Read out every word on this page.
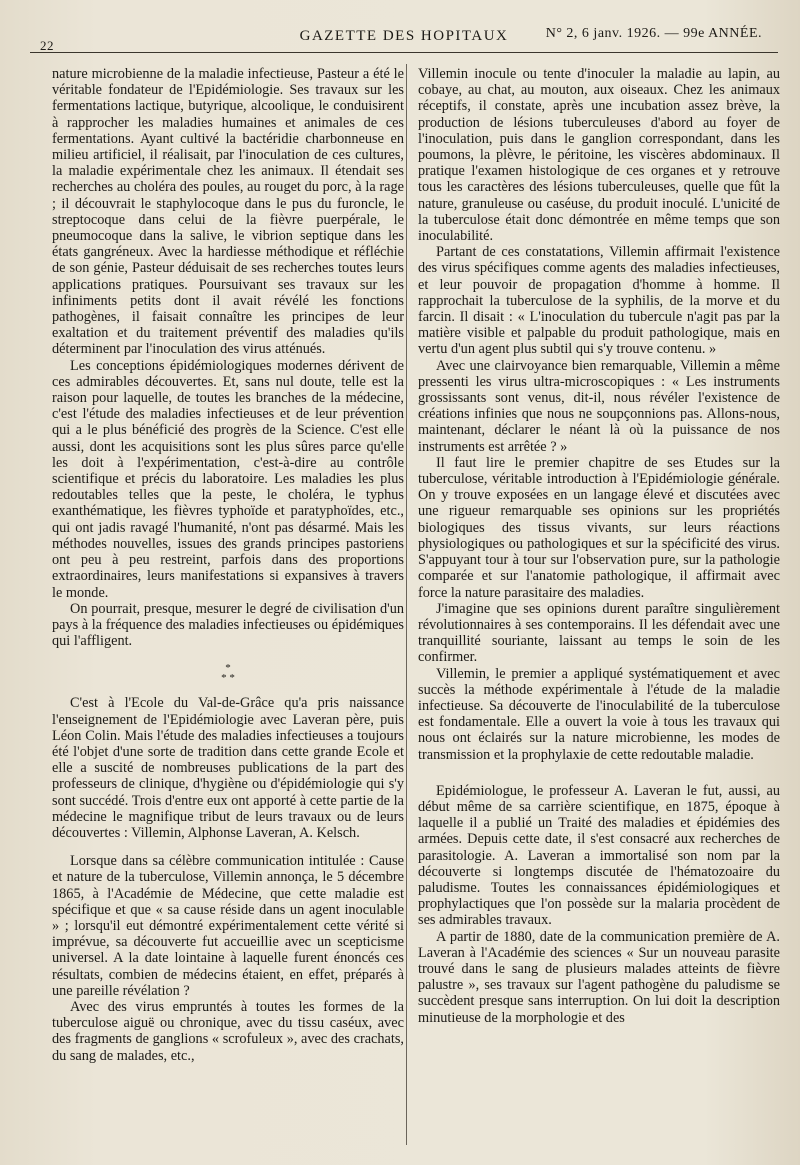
22
GAZETTE DES HOPITAUX	N° 2, 6 janv. 1926. — 99e ANNÉE.

nature microbienne de la maladie infectieuse, Pasteur a été le véritable fondateur de l'Epidémiologie. Ses travaux sur les fermentations lactique, butyrique, alcoolique, le conduisirent à rapprocher les maladies humaines et animales de ces fermentations. Ayant cultivé la bactéridie charbonneuse en milieu artificiel, il réalisait, par l'inoculation de ces cultures, la maladie expérimentale chez les animaux. Il étendait ses recherches au choléra des poules, au rouget du porc, à la rage ; il découvrait le staphylocoque dans le pus du furoncle, le streptocoque dans celui de la fièvre puerpérale, le pneumocoque dans la salive, le vibrion septique dans les états gangréneux. Avec la hardiesse méthodique et réfléchie de son génie, Pasteur déduisait de ses recherches toutes leurs applications pratiques. Poursuivant ses travaux sur les infiniments petits dont il avait révélé les fonctions pathogènes, il faisait connaître les principes de leur exaltation et du traitement préventif des maladies qu'ils déterminent par l'inoculation des virus atténués.

Les conceptions épidémiologiques modernes dérivent de ces admirables découvertes. Et, sans nul doute, telle est la raison pour laquelle, de toutes les branches de la médecine, c'est l'étude des maladies infectieuses et de leur prévention qui a le plus bénéficié des progrès de la Science. C'est elle aussi, dont les acquisitions sont les plus sûres parce qu'elle les doit à l'expérimentation, c'est-à-dire au contrôle scientifique et précis du laboratoire. Les maladies les plus redoutables telles que la peste, le choléra, le typhus exanthématique, les fièvres typhoïde et paratyphoïdes, etc., qui ont jadis ravagé l'humanité, n'ont pas désarmé. Mais les méthodes nouvelles, issues des grands principes pastoriens ont peu à peu restreint, parfois dans des proportions extraordinaires, leurs manifestations si expansives à travers le monde.

On pourrait, presque, mesurer le degré de civilisation d'un pays à la fréquence des maladies infectieuses ou épidémiques qui l'affligent.

*
* *

C'est à l'Ecole du Val-de-Grâce qu'a pris naissance l'enseignement de l'Epidémiologie avec Laveran père, puis Léon Colin. Mais l'étude des maladies infectieuses a toujours été l'objet d'une sorte de tradition dans cette grande Ecole et elle a suscité de nombreuses publications de la part des professeurs de clinique, d'hygiène ou d'épidémiologie qui s'y sont succédé. Trois d'entre eux ont apporté à cette partie de la médecine le magnifique tribut de leurs travaux ou de leurs découvertes : Villemin, Alphonse Laveran, A. Kelsch.

Lorsque dans sa célèbre communication intitulée : Cause et nature de la tuberculose, Villemin annonça, le 5 décembre 1865, à l'Académie de Médecine, que cette maladie est spécifique et que « sa cause réside dans un agent inoculable » ; lorsqu'il eut démontré expérimentalement cette vérité si imprévue, sa découverte fut accueillie avec un scepticisme universel. A la date lointaine à laquelle furent énoncés ces résultats, combien de médecins étaient, en effet, préparés à une pareille révélation ?

Avec des virus empruntés à toutes les formes de la tuberculose aiguë ou chronique, avec du tissu caséux, avec des fragments de ganglions « scrofuleux », avec des crachats, du sang de malades, etc.,

Villemin inocule ou tente d'inoculer la maladie au lapin, au cobaye, au chat, au mouton, aux oiseaux. Chez les animaux réceptifs, il constate, après une incubation assez brève, la production de lésions tuberculeuses d'abord au foyer de l'inoculation, puis dans le ganglion correspondant, dans les poumons, la plèvre, le péritoine, les viscères abdominaux. Il pratique l'examen histologique de ces organes et y retrouve tous les caractères des lésions tuberculeuses, quelle que fût la nature, granuleuse ou caséuse, du produit inoculé. L'unicité de la tuberculose était donc démontrée en même temps que son inoculabilité.

Partant de ces constatations, Villemin affirmait l'existence des virus spécifiques comme agents des maladies infectieuses, et leur pouvoir de propagation d'homme à homme. Il rapprochait la tuberculose de la syphilis, de la morve et du farcin. Il disait : « L'inoculation du tubercule n'agit pas par la matière visible et palpable du produit pathologique, mais en vertu d'un agent plus subtil qui s'y trouve contenu. »

Avec une clairvoyance bien remarquable, Villemin a même pressenti les virus ultra-microscopiques : « Les instruments grossissants sont venus, dit-il, nous révéler l'existence de créations infinies que nous ne soupçonnions pas. Allons-nous, maintenant, déclarer le néant là où la puissance de nos instruments est arrêtée ? »

Il faut lire le premier chapitre de ses Etudes sur la tuberculose, véritable introduction à l'Epidémiologie générale. On y trouve exposées en un langage élevé et discutées avec une rigueur remarquable ses opinions sur les propriétés biologiques des tissus vivants, sur leurs réactions physiologiques ou pathologiques et sur la spécificité des virus. S'appuyant tour à tour sur l'observation pure, sur la pathologie comparée et sur l'anatomie pathologique, il affirmait avec force la nature parasitaire des maladies.

J'imagine que ses opinions durent paraître singulièrement révolutionnaires à ses contemporains. Il les défendait avec une tranquillité souriante, laissant au temps le soin de les confirmer.

Villemin, le premier a appliqué systématiquement et avec succès la méthode expérimentale à l'étude de la maladie infectieuse. Sa découverte de l'inoculabilité de la tuberculose est fondamentale. Elle a ouvert la voie à tous les travaux qui nous ont éclairés sur la nature microbienne, les modes de transmission et la prophylaxie de cette redoutable maladie.

Epidémiologue, le professeur A. Laveran le fut, aussi, au début même de sa carrière scientifique, en 1875, époque à laquelle il a publié un Traité des maladies et épidémies des armées. Depuis cette date, il s'est consacré aux recherches de parasitologie. A. Laveran a immortalisé son nom par la découverte si longtemps discutée de l'hématozoaire du paludisme. Toutes les connaissances épidémiologiques et prophylactiques que l'on possède sur la malaria procèdent de ses admirables travaux.

A partir de 1880, date de la communication première de A. Laveran à l'Académie des sciences « Sur un nouveau parasite trouvé dans le sang de plusieurs malades atteints de fièvre palustre », ses travaux sur l'agent pathogène du paludisme se succèdent presque sans interruption. On lui doit la description minutieuse de la morphologie et des
